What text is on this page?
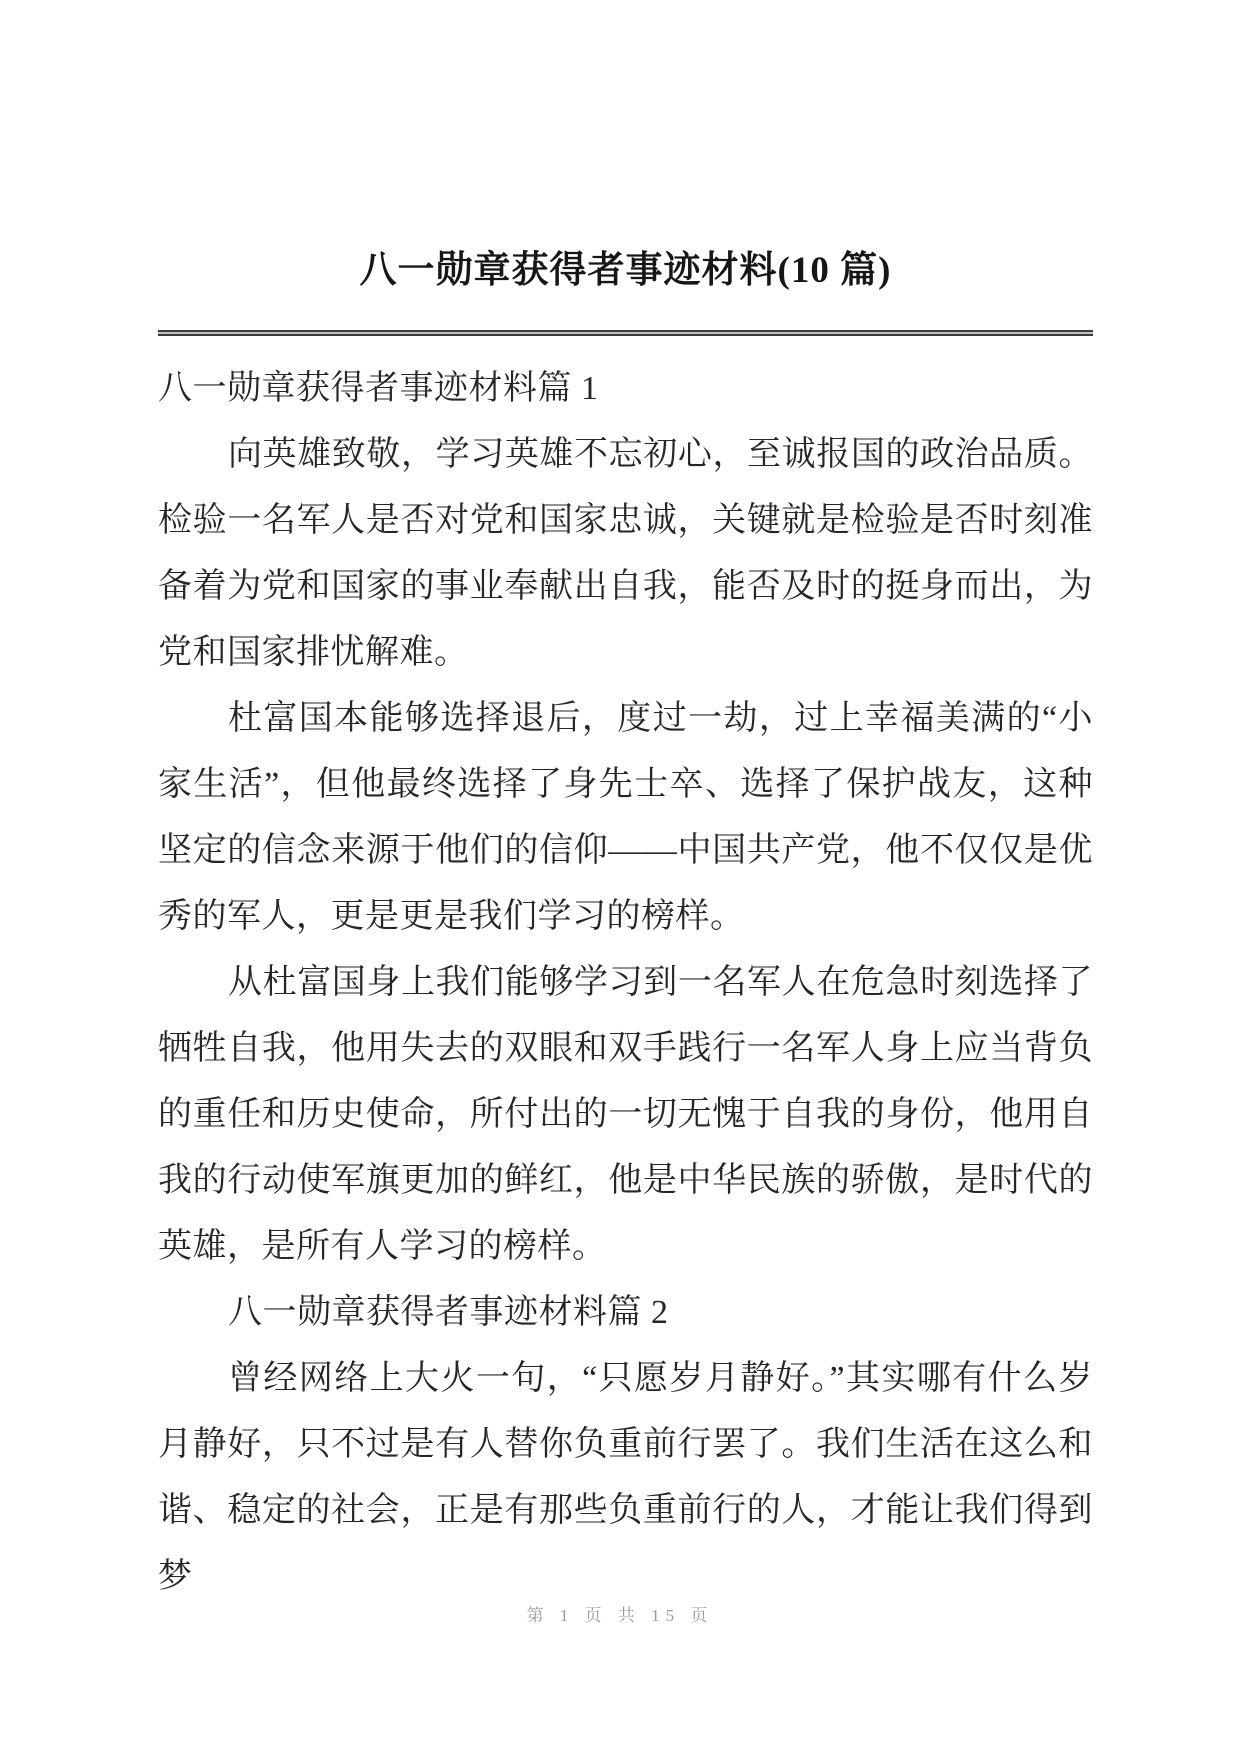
八一勋章获得者事迹材料(10 篇)

八一勋章获得者事迹材料篇 1

向英雄致敬，学习英雄不忘初心，至诚报国的政治品质。检验一名军人是否对党和国家忠诚，关键就是检验是否时刻准备着为党和国家的事业奉献出自我，能否及时的挺身而出，为党和国家排忧解难。

杜富国本能够选择退后，度过一劫，过上幸福美满的“小家生活”，但他最终选择了身先士卒、选择了保护战友，这种坚定的信念来源于他们的信仰——中国共产党，他不仅仅是优秀的军人，更是更是我们学习的榜样。

从杜富国身上我们能够学习到一名军人在危急时刻选择了牺牲自我，他用失去的双眼和双手践行一名军人身上应当背负的重任和历史使命，所付出的一切无愧于自我的身份，他用自我的行动使军旗更加的鲜红，他是中华民族的骄傲，是时代的英雄，是所有人学习的榜样。

八一勋章获得者事迹材料篇 2

曾经网络上大火一句，“只愿岁月静好。”其实哪有什么岁月静好，只不过是有人替你负重前行罢了。我们生活在这么和谐、稳定的社会，正是有那些负重前行的人，才能让我们得到梦

第 1 页 共 15 页
